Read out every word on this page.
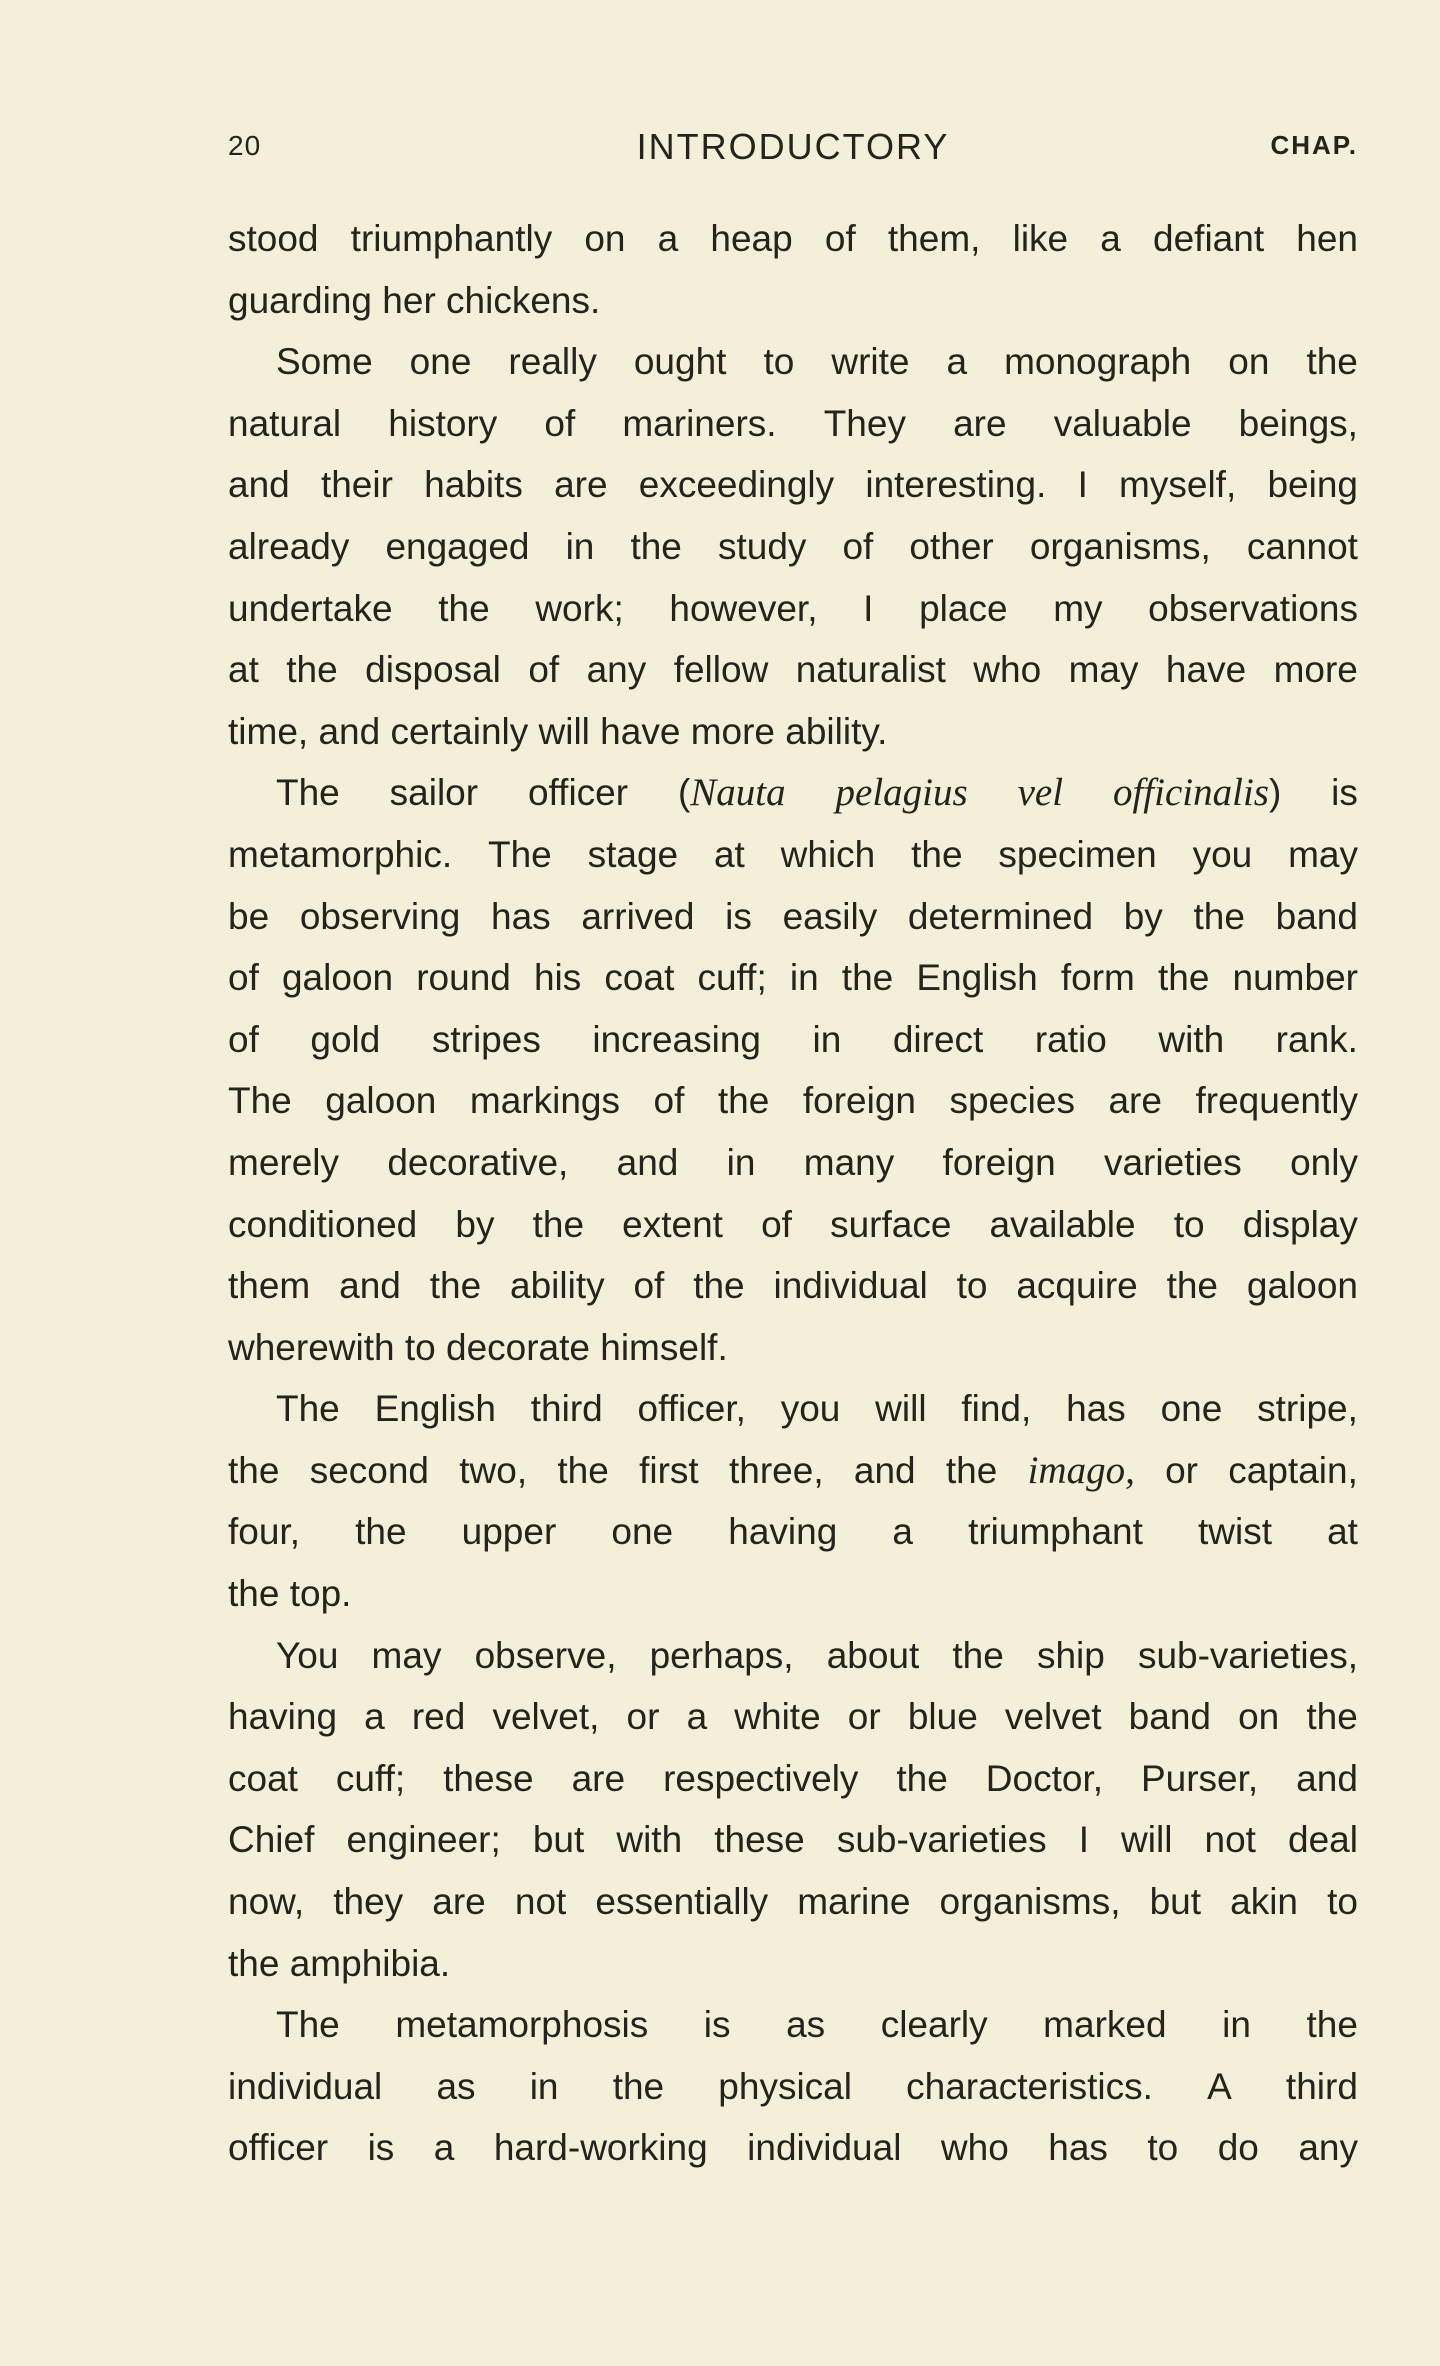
20	INTRODUCTORY	CHAP.
stood triumphantly on a heap of them, like a defiant hen
guarding her chickens.
Some one really ought to write a monograph on the
natural history of mariners. They are valuable beings,
and their habits are exceedingly interesting. I myself, being
already engaged in the study of other organisms, cannot
undertake the work; however, I place my observations
at the disposal of any fellow naturalist who may have more
time, and certainly will have more ability.
The sailor officer (Nauta pelagius vel officinalis) is
metamorphic. The stage at which the specimen you may
be observing has arrived is easily determined by the band
of galoon round his coat cuff; in the English form the number
of gold stripes increasing in direct ratio with rank.
The galoon markings of the foreign species are frequently
merely decorative, and in many foreign varieties only
conditioned by the extent of surface available to display
them and the ability of the individual to acquire the galoon
wherewith to decorate himself.
The English third officer, you will find, has one stripe,
the second two, the first three, and the imago, or captain,
four, the upper one having a triumphant twist at
the top.
You may observe, perhaps, about the ship sub-varieties,
having a red velvet, or a white or blue velvet band on the
coat cuff; these are respectively the Doctor, Purser, and
Chief engineer; but with these sub-varieties I will not deal
now, they are not essentially marine organisms, but akin to
the amphibia.
The metamorphosis is as clearly marked in the
individual as in the physical characteristics. A third
officer is a hard-working individual who has to do any
